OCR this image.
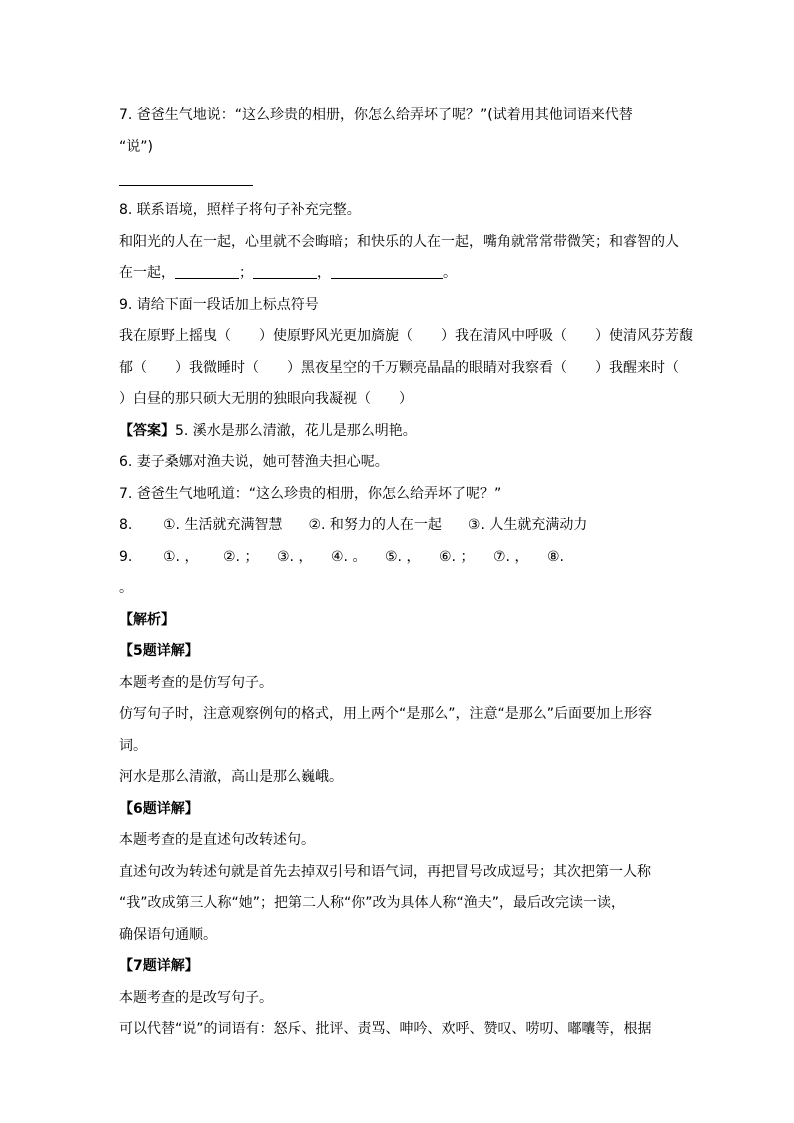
7. 爸爸生气地说：“这么珍贵的相册，你怎么给弄坏了呢？”(试着用其他词语来代替
“说”)
8. 联系语境，照样子将句子补充完整。
和阳光的人在一起，心里就不会晦暗；和快乐的人在一起，嘴角就常常带微笑；和睿智的人
在一起，	；	，	。
9. 请给下面一段话加上标点符号
我在原野上摇曳（　　）使原野风光更加旖旎（　　）我在清风中呼吸（　　）使清风芬芳馥
郁（　　）我微睡时（　　）黑夜星空的千万颗亮晶晶的眼睛对我察看（　　）我醒来时（
）白昼的那只硕大无朋的独眼向我凝视（　　）
【答案】5. 溪水是那么清澈，花儿是那么明艳。
6. 妻子桑娜对渔夫说，她可替渔夫担心呢。
7. 爸爸生气地吼道：“这么珍贵的相册，你怎么给弄坏了呢？”
8.	①. 生活就充满智慧 ②. 和努力的人在一起 ③. 人生就充满动力
9.	①. ，	②. ；	③. ，	④. 。	⑤. ，	⑥. ；	⑦. ，	⑧.
。
【解析】
【5题详解】
本题考查的是仿写句子。
仿写句子时，注意观察例句的格式，用上两个“是那么”，注意“是那么”后面要加上形容
词。
河水是那么清澈，高山是那么巍峨。
【6题详解】
本题考查的是直述句改转述句。
直述句改为转述句就是首先去掉双引号和语气词，再把冒号改成逗号；其次把第一人称
“我”改成第三人称“她”；把第二人称“你”改为具体人称“渔夫”，最后改完读一读，
确保语句通顺。
【7题详解】
本题考查的是改写句子。
可以代替“说”的词语有：怒斥、批评、责骂、呻吟、欢呼、赞叹、唠叨、嘟囔等，根据
